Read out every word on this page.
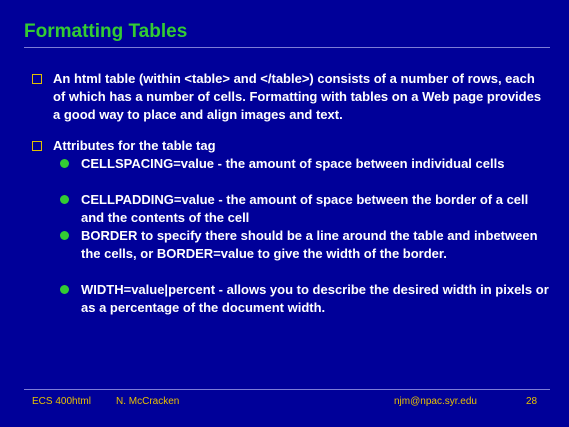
Formatting Tables
An html table (within <table> and </table>) consists of a number of rows, each of which has a number of cells. Formatting with tables on a Web page provides a good way to place and align images and text.
Attributes for the table tag
CELLSPACING=value - the amount of space between individual cells
CELLPADDING=value - the amount of space between the border of a cell and the contents of the cell
BORDER to specify there should be a line around the table and inbetween the cells, or BORDER=value to give the width of the border.
WIDTH=value|percent - allows you to describe the desired width in pixels or as a percentage of the document width.
ECS 400html	N. McCracken	njm@npac.syr.edu	28
